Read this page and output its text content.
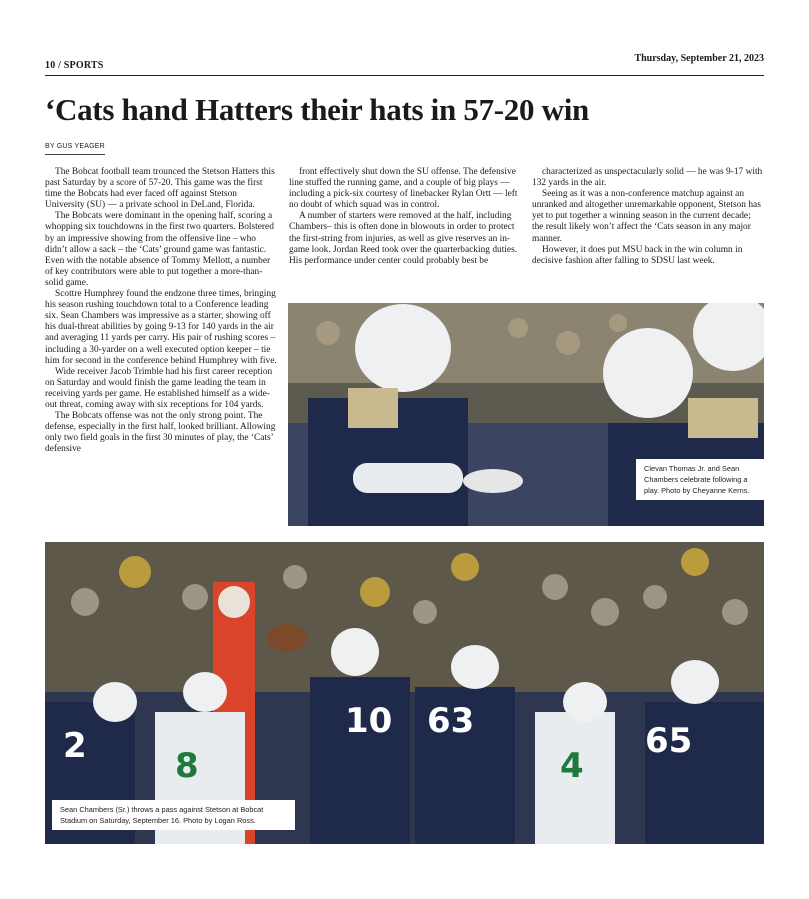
10 / SPORTS
Thursday, September 21, 2023
‘Cats hand Hatters their hats in 57-20 win
BY GUS YEAGER

The Bobcat football team trounced the Stetson Hatters this past Saturday by a score of 57-20. This game was the first time the Bobcats had ever faced off against Stetson University (SU) — a private school in DeLand, Florida.

The Bobcats were dominant in the opening half, scoring a whopping six touchdowns in the first two quarters. Bolstered by an impressive showing from the offensive line – who didn’t allow a sack – the ‘Cats’ ground game was fantastic. Even with the notable absence of Tommy Mellott, a number of key contributors were able to put together a more-than-solid game.

Scottre Humphrey found the endzone three times, bringing his season rushing touchdown total to a Conference leading six. Sean Chambers was impressive as a starter, showing off his dual-threat abilities by going 9-13 for 140 yards in the air and averaging 11 yards per carry. His pair of rushing scores – including a 30-yarder on a well executed option keeper – tie him for second in the conference behind Humphrey with five.

Wide receiver Jacob Trimble had his first career reception on Saturday and would finish the game leading the team in receiving yards per game. He established himself as a wide-out threat, coming away with six receptions for 104 yards.

The Bobcats offense was not the only strong point. The defense, especially in the first half, looked brilliant. Allowing only two field goals in the first 30 minutes of play, the ‘Cats’ defensive

front effectively shut down the SU offense. The defensive line stuffed the running game, and a couple of big plays — including a pick-six courtesy of linebacker Rylan Ortt — left no doubt of which squad was in control.

A number of starters were removed at the half, including Chambers– this is often done in blowouts in order to protect the first-string from injuries, as well as give reserves an in-game look. Jordan Reed took over the quarterbacking duties. His performance under center could probably best be

characterized as unspectacularly solid — he was 9-17 with 132 yards in the air.

Seeing as it was a non-conference matchup against an unranked and altogether unremarkable opponent, Stetson has yet to put together a winning season in the current decade; the result likely won’t affect the ‘Cats season in any major manner.

However, it does put MSU back in the win column in decisive fashion after falling to SDSU last week.

Clevan Thomas Jr. and Sean Chambers celebrate following a play. Photo by Cheyanne Kerns.
2
10 63	65
8	4
Sean Chambers (Sr.) throws a pass against Stetson at Bobcat Stadium on Saturday, September 16. Photo by Logan Ross.
